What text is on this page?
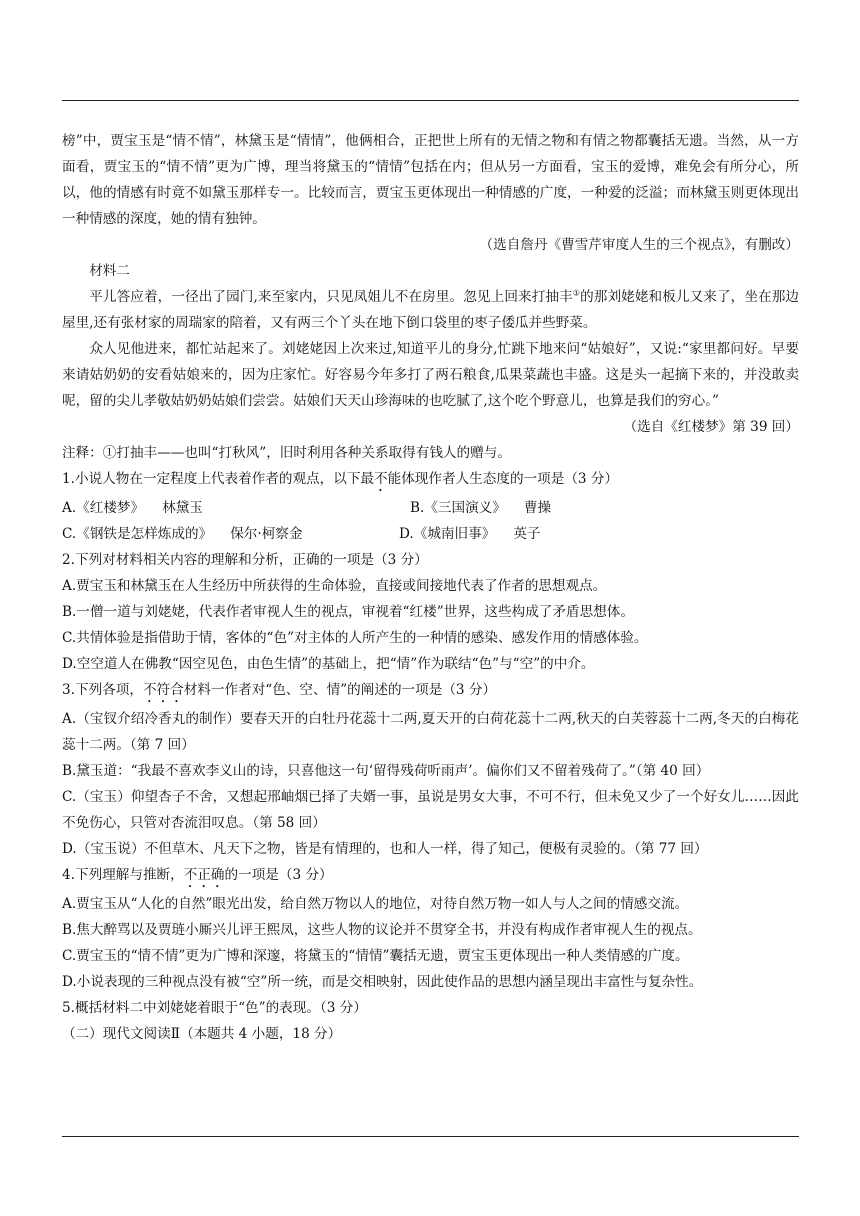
榜”中，贾宝玉是“情不情”，林黛玉是“情情”，他俩相合，正把世上所有的无情之物和有情之物都囊括无遗。当然，从一方面看，贾宝玉的“情不情”更为广博，理当将黛玉的“情情”包括在内；但从另一方面看，宝玉的爱博，难免会有所分心，所以，他的情感有时竟不如黛玉那样专一。比较而言，贾宝玉更体现出一种情感的广度，一种爱的泛溢；而林黛玉则更体现出一种情感的深度，她的情有独钟。

（选自詹丹《曹雪芹审度人生的三个视点》，有删改）

材料二

平儿答应着，一径出了园门,来至家内，只见凤姐儿不在房里。忽见上回来打抽丰①的那刘姥姥和板儿又来了，坐在那边屋里,还有张材家的周瑞家的陪着，又有两三个丫头在地下倒口袋里的枣子倭瓜并些野菜。

众人见他进来，都忙站起来了。刘姥姥因上次来过,知道平儿的身分,忙跳下地来问“姑娘好”，又说:“家里都问好。早要来请姑奶奶的安看姑娘来的，因为庄家忙。好容易今年多打了两石粮食,瓜果菜蔬也丰盛。这是头一起摘下来的，并没敢卖呢，留的尖儿孝敬姑奶奶姑娘们尝尝。姑娘们天天山珍海味的也吃腻了,这个吃个野意儿，也算是我们的穷心。”

（选自《红楼梦》第 39 回）

注释：①打抽丰——也叫“打秋风”，旧时利用各种关系取得有钱人的赠与。

1.小说人物在一定程度上代表着作者的观点，以下最不能体现作者人生态度的一项是（3 分）

A.《红楼梦》 林黛玉	B.《三国演义》 曹操
C.《钢铁是怎样炼成的》 保尔·柯察金	D.《城南旧事》 英子

2.下列对材料相关内容的理解和分析，正确的一项是（3 分）

A.贾宝玉和林黛玉在人生经历中所获得的生命体验，直接或间接地代表了作者的思想观点。

B.一僧一道与刘姥姥，代表作者审视人生的视点，审视着“红楼”世界，这些构成了矛盾思想体。

C.共情体验是指借助于情，客体的“色”对主体的人所产生的一种情的感染、感发作用的情感体验。

D.空空道人在佛教“因空见色，由色生情”的基础上，把“情”作为联结“色”与“空”的中介。

3.下列各项，不符合材料一作者对“色、空、情”的阐述的一项是（3 分）

A.（宝钗介绍冷香丸的制作）要春天开的白牡丹花蕊十二两,夏天开的白荷花蕊十二两,秋天的白芙蓉蕊十二两,冬天的白梅花蕊十二两。（第 7 回）

B.黛玉道：“我最不喜欢李义山的诗，只喜他这一句‘留得残荷听雨声’。偏你们又不留着残荷了。”（第 40 回）

C.（宝玉）仰望杏子不舍，又想起邢岫烟已择了夫婿一事，虽说是男女大事，不可不行，但未免又少了一个好女儿……因此不免伤心，只管对杏流泪叹息。（第 58 回）

D.（宝玉说）不但草木、凡天下之物，皆是有情理的，也和人一样，得了知己，便极有灵验的。（第 77 回）

4.下列理解与推断，不正确的一项是（3 分）

A.贾宝玉从“人化的自然”眼光出发，给自然万物以人的地位，对待自然万物一如人与人之间的情感交流。

B.焦大醉骂以及贾琏小厮兴儿评王熙凤，这些人物的议论并不贯穿全书，并没有构成作者审视人生的视点。

C.贾宝玉的“情不情”更为广博和深邃，将黛玉的“情情”囊括无遗，贾宝玉更体现出一种人类情感的广度。

D.小说表现的三种视点没有被“空”所一统，而是交相映射，因此使作品的思想内涵呈现出丰富性与复杂性。

5.概括材料二中刘姥姥着眼于“色”的表现。（3 分）

（二）现代文阅读Ⅱ（本题共 4 小题，18 分）
